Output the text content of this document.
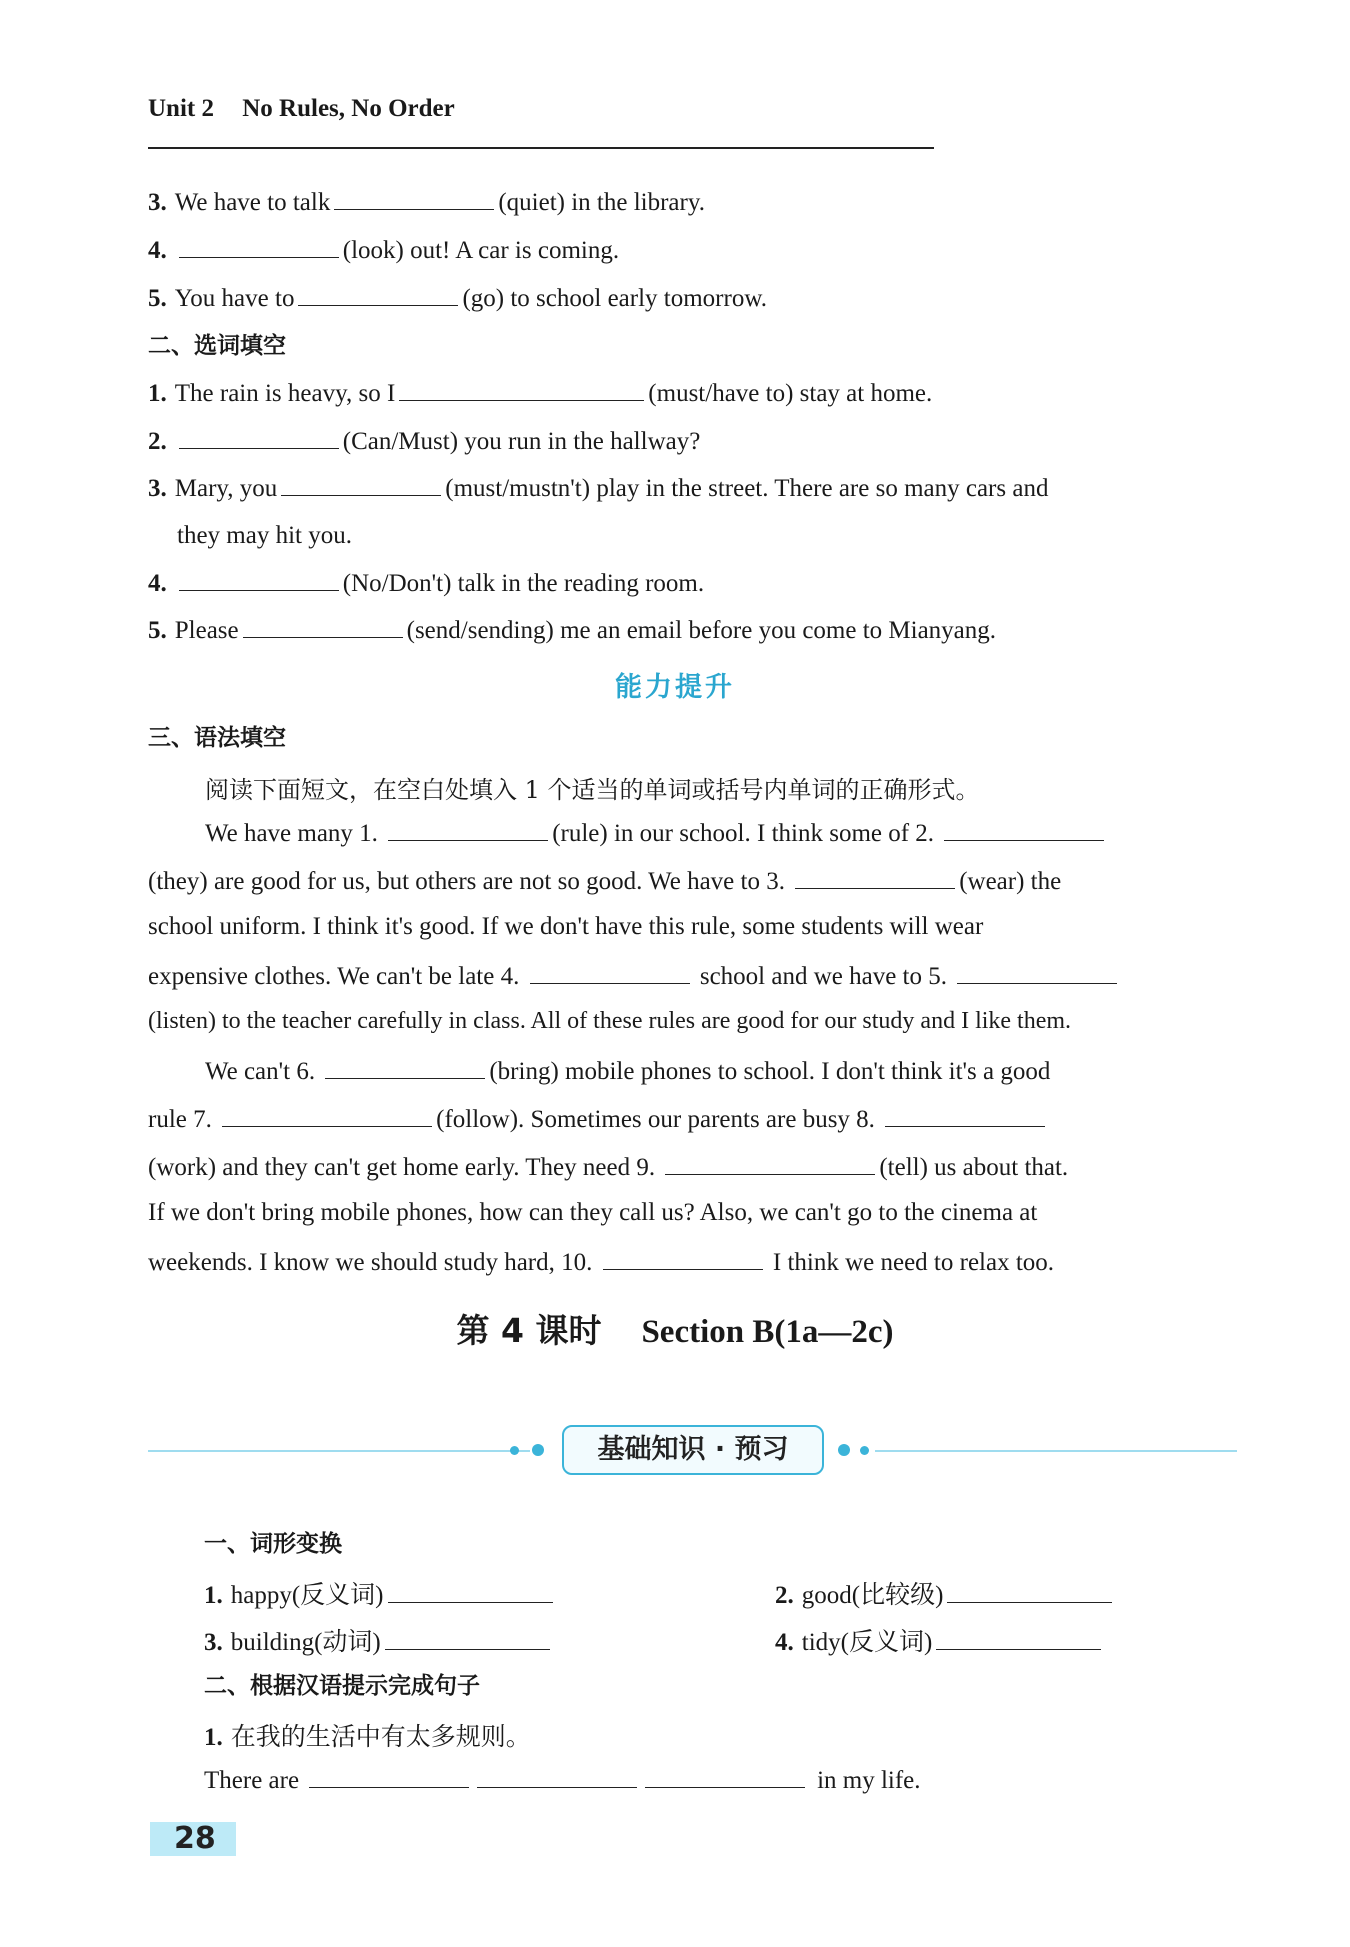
Unit 2 No Rules, No Order
3. We have to talk	(quiet) in the library.
4.	(look) out! A car is coming.
5. You have to	(go) to school early tomorrow.
二、选词填空
1. The rain is heavy, so I	(must/have to) stay at home.
2.	(Can/Must) you run in the hallway?
3. Mary, you	(must/mustn't) play in the street. There are so many cars and
they may hit you.
4.	(No/Don't) talk in the reading room.
5. Please	(send/sending) me an email before you come to Mianyang.
能力提升
三、语法填空
阅读下面短文，在空白处填入 1 个适当的单词或括号内单词的正确形式。
We have many 1.	(rule) in our school. I think some of 2.
(they) are good for us, but others are not so good. We have to 3.	(wear) the
school uniform. I think it's good. If we don't have this rule, some students will wear
expensive clothes. We can't be late 4.	school and we have to 5.
(listen) to the teacher carefully in class. All of these rules are good for our study and I like them.
We can't 6.	(bring) mobile phones to school. I don't think it's a good
rule 7.	(follow). Sometimes our parents are busy 8.
(work) and they can't get home early. They need 9.	(tell) us about that.
If we don't bring mobile phones, how can they call us? Also, we can't go to the cinema at
weekends. I know we should study hard, 10.	I think we need to relax too.
第 4 课时 Section B(1a—2c)
基础知识 · 预习
一、词形变换
1. happy(反义词)	2. good(比较级)
3. building(动词)	4. tidy(反义词)
二、根据汉语提示完成句子
1. 在我的生活中有太多规则。
There are	in my life.
28
